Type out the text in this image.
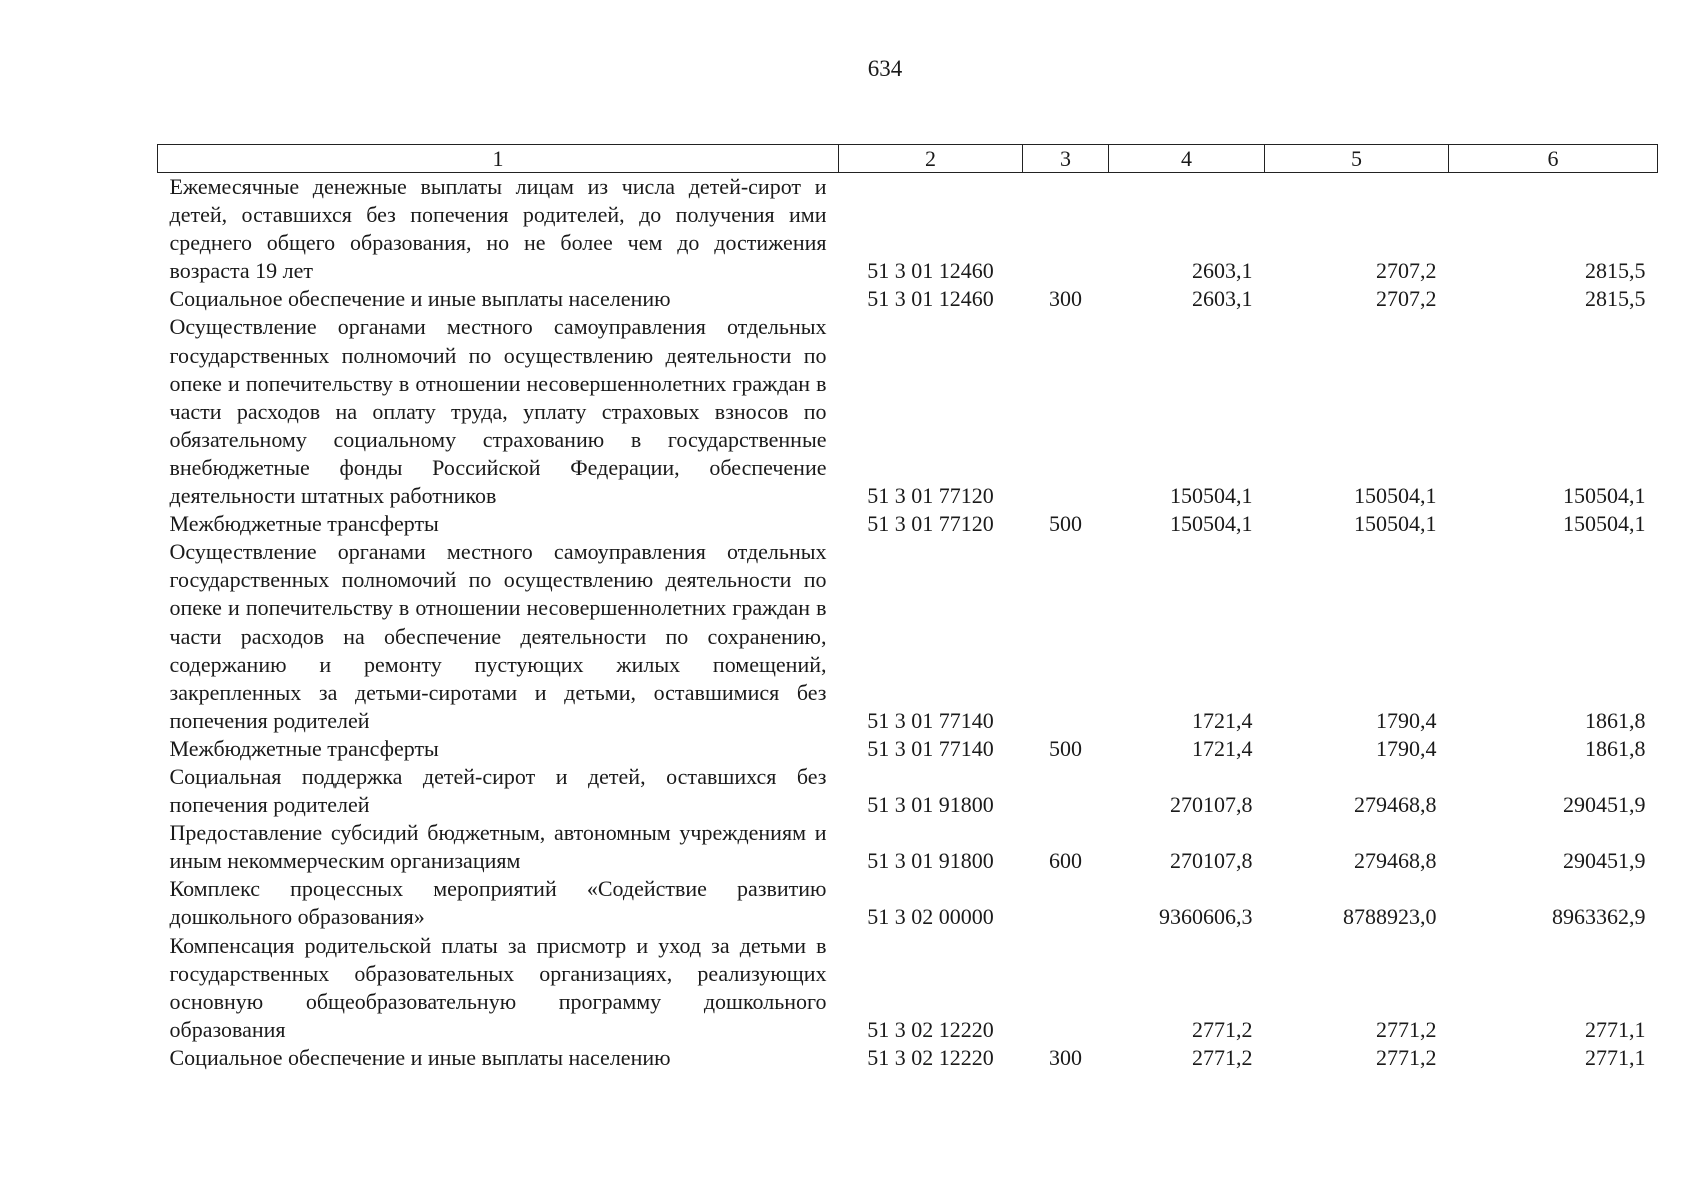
634
1	2	3	4	5	6
Ежемесячные денежные выплаты лицам из числа детей-сирот и детей, оставшихся без попечения родителей, до получения ими среднего общего образования, но не более чем до достижения возраста 19 лет	51 3 01 12460		2603,1	2707,2	2815,5
Социальное обеспечение и иные выплаты населению	51 3 01 12460	300	2603,1	2707,2	2815,5
Осуществление органами местного самоуправления отдельных государственных полномочий по осуществлению деятельности по опеке и попечительству в отношении несовершеннолетних граждан в части расходов на оплату труда, уплату страховых взносов по обязательному социальному страхованию в государственные внебюджетные фонды Российской Федерации, обеспечение деятельности штатных работников	51 3 01 77120		150504,1	150504,1	150504,1
Межбюджетные трансферты	51 3 01 77120	500	150504,1	150504,1	150504,1
Осуществление органами местного самоуправления отдельных государственных полномочий по осуществлению деятельности по опеке и попечительству в отношении несовершеннолетних граждан в части расходов на обеспечение деятельности по сохранению, содержанию и ремонту пустующих жилых помещений, закрепленных за детьми-сиротами и детьми, оставшимися без попечения родителей	51 3 01 77140		1721,4	1790,4	1861,8
Межбюджетные трансферты	51 3 01 77140	500	1721,4	1790,4	1861,8
Социальная поддержка детей-сирот и детей, оставшихся без попечения родителей	51 3 01 91800		270107,8	279468,8	290451,9
Предоставление субсидий бюджетным, автономным учреждениям и иным некоммерческим организациям	51 3 01 91800	600	270107,8	279468,8	290451,9
Комплекс процессных мероприятий «Содействие развитию дошкольного образования»	51 3 02 00000		9360606,3	8788923,0	8963362,9
Компенсация родительской платы за присмотр и уход за детьми в государственных образовательных организациях, реализующих основную общеобразовательную программу дошкольного образования	51 3 02 12220		2771,2	2771,2	2771,1
Социальное обеспечение и иные выплаты населению	51 3 02 12220	300	2771,2	2771,2	2771,1
